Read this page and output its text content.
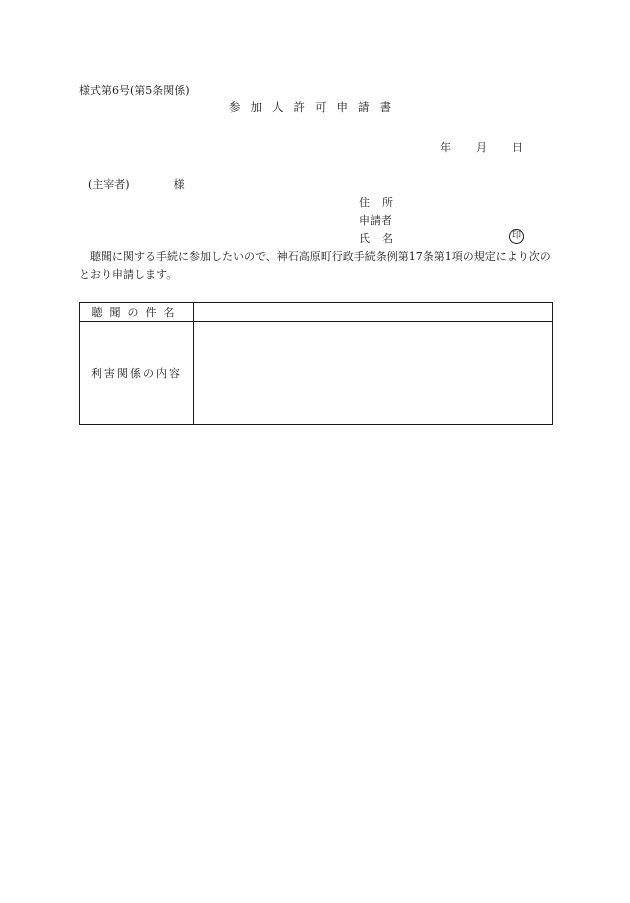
様式第6号(第5条関係)
参加人許可申請書
年 月 日
(主宰者)	様
住所
申請者
氏名	印
聴聞に関する手続に参加したいので、神石高原町行政手続条例第17条第1項の規定により次のとおり申請します。
聴聞の件名	
利害関係の内容	
